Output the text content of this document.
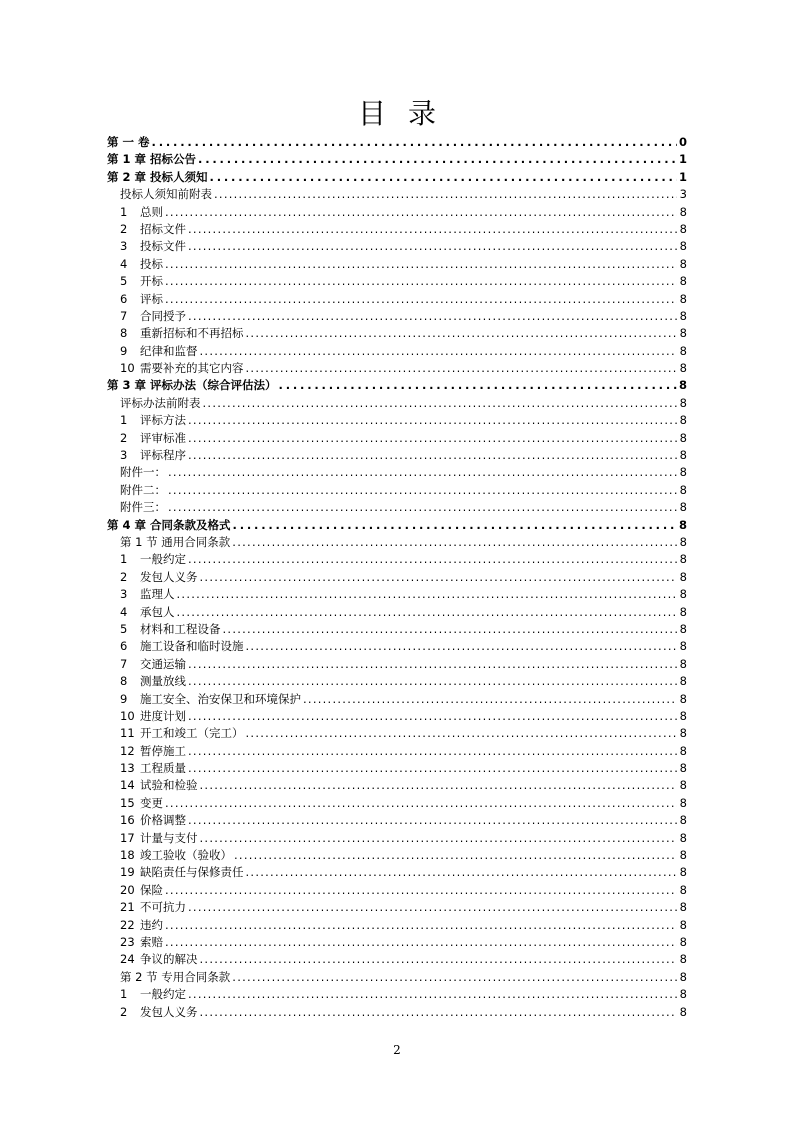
目录
第 一 卷 . . .	0
第 1 章 招标公告 . . .	1
第 2 章 投标人须知 . . .	1
投标人须知前附表 . . .	3
1 总则 . . .	8
2 招标文件 . . .	8
3 投标文件 . . .	8
4 投标 . . .	8
5 开标 . . .	8
6 评标 . . .	8
7 合同授予 . . .	8
8 重新招标和不再招标 . . .	8
9 纪律和监督 . . .	8
10 需要补充的其它内容 . . .	8
第 3 章 评标办法（综合评估法） . . .	8
评标办法前附表 . . .	8
1 评标方法 . . .	8
2 评审标准 . . .	8
3 评标程序 . . .	8
附件一： . . .	8
附件二： . . .	8
附件三： . . .	8
第 4 章 合同条款及格式 . . .	8
第 1 节 通用合同条款 . . .	8
1 一般约定 . . .	8
2 发包人义务 . . .	8
3 监理人 . . .	8
4 承包人 . . .	8
5 材料和工程设备 . . .	8
6 施工设备和临时设施 . . .	8
7 交通运输 . . .	8
8 测量放线 . . .	8
9 施工安全、治安保卫和环境保护 . . .	8
10 进度计划 . . .	8
11 开工和竣工（完工） . . .	8
12 暂停施工 . . .	8
13 工程质量 . . .	8
14 试验和检验 . . .	8
15 变更 . . .	8
16 价格调整 . . .	8
17 计量与支付 . . .	8
18 竣工验收（验收） . . .	8
19 缺陷责任与保修责任 . . .	8
20 保险 . . .	8
21 不可抗力 . . .	8
22 违约 . . .	8
23 索赔 . . .	8
24 争议的解决 . . .	8
第 2 节 专用合同条款 . . .	8
1 一般约定 . . .	8
2 发包人义务 . . .	8
2
